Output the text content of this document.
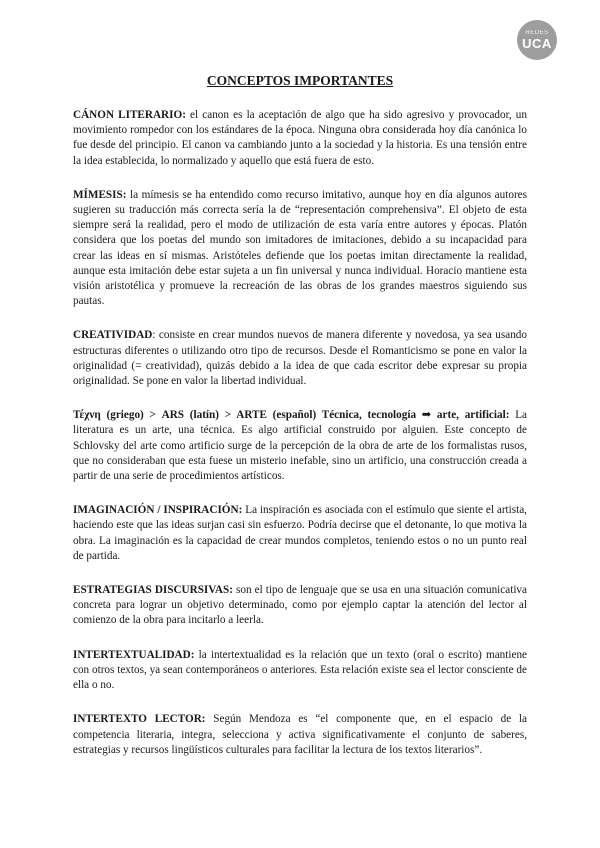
REDES
UCA
CONCEPTOS IMPORTANTES

CÁNON LITERARIO: el canon es la aceptación de algo que ha sido agresivo y provocador, un movimiento rompedor con los estándares de la época. Ninguna obra considerada hoy día canónica lo fue desde del principio. El canon va cambiando junto a la sociedad y la historia. Es una tensión entre la idea establecida, lo normalizado y aquello que está fuera de esto.

MÍMESIS: la mímesis se ha entendido como recurso imitativo, aunque hoy en día algunos autores sugieren su traducción más correcta sería la de “representación comprehensiva”. El objeto de esta siempre será la realidad, pero el modo de utilización de esta varía entre autores y épocas. Platón considera que los poetas del mundo son imitadores de imitaciones, debido a su incapacidad para crear las ideas en sí mismas. Aristóteles defiende que los poetas imitan directamente la realidad, aunque esta imitación debe estar sujeta a un fin universal y nunca individual. Horacio mantiene esta visión aristotélica y promueve la recreación de las obras de los grandes maestros siguiendo sus pautas.

CREATIVIDAD: consiste en crear mundos nuevos de manera diferente y novedosa, ya sea usando estructuras diferentes o utilizando otro tipo de recursos. Desde el Romanticismo se pone en valor la originalidad (= creatividad), quizás debido a la idea de que cada escritor debe expresar su propia originalidad. Se pone en valor la libertad individual.

Τέχνη (griego) > ARS (latín) > ARTE (español) Técnica, tecnología ➡ arte, artificial: La literatura es un arte, una técnica. Es algo artificial construido por alguien. Este concepto de Schlovsky del arte como artificio surge de la percepción de la obra de arte de los formalistas rusos, que no consideraban que esta fuese un misterio inefable, sino un artificio, una construcción creada a partir de una serie de procedimientos artísticos.

IMAGINACIÓN / INSPIRACIÓN: La inspiración es asociada con el estímulo que siente el artista, haciendo este que las ideas surjan casi sin esfuerzo. Podría decirse que el detonante, lo que motiva la obra. La imaginación es la capacidad de crear mundos completos, teniendo estos o no un punto real de partida.

ESTRATEGIAS DISCURSIVAS: son el tipo de lenguaje que se usa en una situación comunicativa concreta para lograr un objetivo determinado, como por ejemplo captar la atención del lector al comienzo de la obra para incitarlo a leerla.

INTERTEXTUALIDAD: la intertextualidad es la relación que un texto (oral o escrito) mantiene con otros textos, ya sean contemporáneos o anteriores. Esta relación existe sea el lector consciente de ella o no.

INTERTEXTO LECTOR: Según Mendoza es “el componente que, en el espacio de la competencia literaria, integra, selecciona y activa significativamente el conjunto de saberes, estrategias y recursos lingüísticos culturales para facilitar la lectura de los textos literarios”.
